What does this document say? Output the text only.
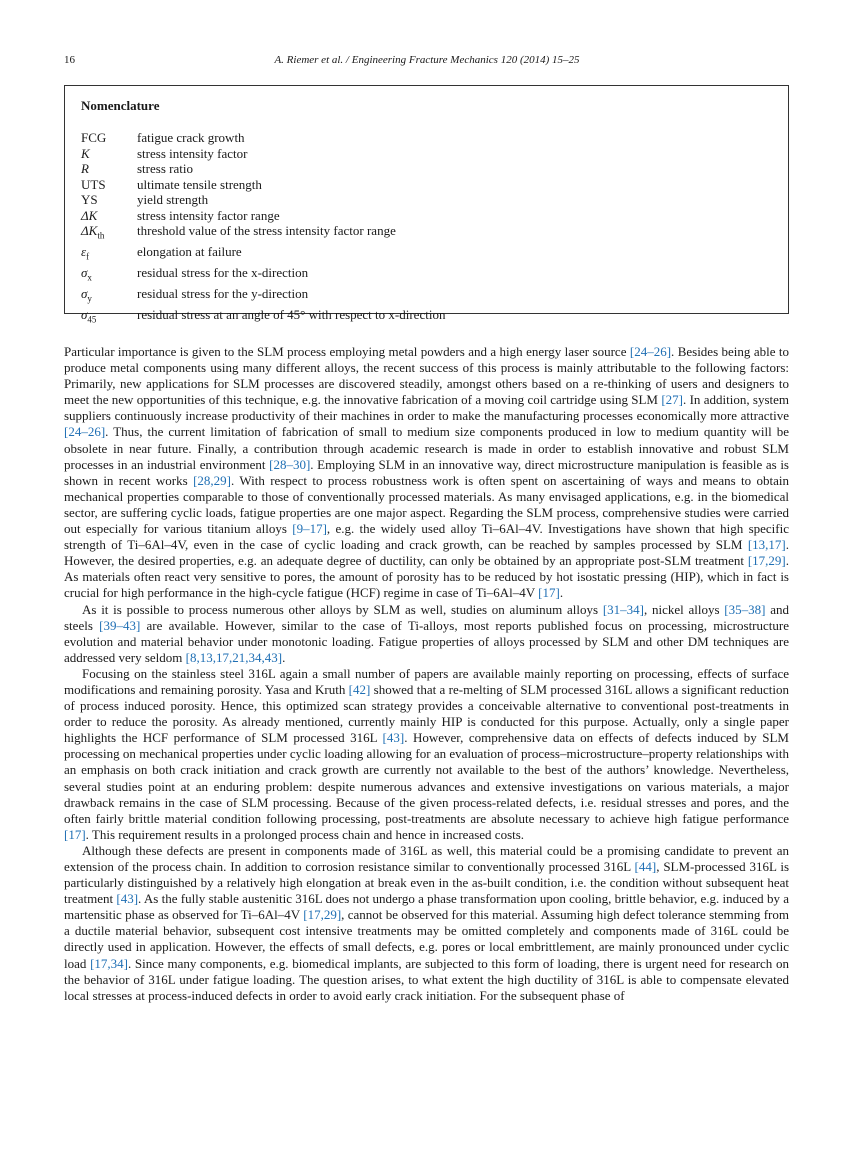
16	A. Riemer et al. / Engineering Fracture Mechanics 120 (2014) 15–25
Nomenclature
FCG	fatigue crack growth
K	stress intensity factor
R	stress ratio
UTS	ultimate tensile strength
YS	yield strength
ΔK	stress intensity factor range
$\Delta K_{th}$	threshold value of the stress intensity factor range
$\varepsilon_f$	elongation at failure
$\sigma_x$	residual stress for the x-direction
$\sigma_y$	residual stress for the y-direction
$\sigma_{45}$	residual stress at an angle of 45° with respect to x-direction

Particular importance is given to the SLM process employing metal powders and a high energy laser source [24–26]. Besides being able to produce metal components using many different alloys, the recent success of this process is mainly attributable to the following factors: Primarily, new applications for SLM processes are discovered steadily, amongst others based on a re-thinking of users and designers to meet the new opportunities of this technique, e.g. the innovative fabrication of a moving coil cartridge using SLM [27]. In addition, system suppliers continuously increase productivity of their machines in order to make the manufacturing processes economically more attractive [24–26]. Thus, the current limitation of fabrication of small to medium size components produced in low to medium quantity will be obsolete in near future. Finally, a contribution through academic research is made in order to establish innovative and robust SLM processes in an industrial environment [28–30]. Employing SLM in an innovative way, direct microstructure manipulation is feasible as is shown in recent works [28,29]. With respect to process robustness work is often spent on ascertaining of ways and means to obtain mechanical properties comparable to those of conventionally processed materials. As many envisaged applications, e.g. in the biomedical sector, are suffering cyclic loads, fatigue properties are one major aspect. Regarding the SLM process, comprehensive studies were carried out especially for various titanium alloys [9–17], e.g. the widely used alloy Ti–6Al–4V. Investigations have shown that high specific strength of Ti–6Al–4V, even in the case of cyclic loading and crack growth, can be reached by samples processed by SLM [13,17]. However, the desired properties, e.g. an adequate degree of ductility, can only be obtained by an appropriate post-SLM treatment [17,29]. As materials often react very sensitive to pores, the amount of porosity has to be reduced by hot isostatic pressing (HIP), which in fact is crucial for high performance in the high-cycle fatigue (HCF) regime in case of Ti–6Al–4V [17].

As it is possible to process numerous other alloys by SLM as well, studies on aluminum alloys [31–34], nickel alloys [35–38] and steels [39–43] are available. However, similar to the case of Ti-alloys, most reports published focus on processing, microstructure evolution and material behavior under monotonic loading. Fatigue properties of alloys processed by SLM and other DM techniques are addressed very seldom [8,13,17,21,34,43].

Focusing on the stainless steel 316L again a small number of papers are available mainly reporting on processing, effects of surface modifications and remaining porosity. Yasa and Kruth [42] showed that a re-melting of SLM processed 316L allows a significant reduction of process induced porosity. Hence, this optimized scan strategy provides a conceivable alternative to conventional post-treatments in order to reduce the porosity. As already mentioned, currently mainly HIP is conducted for this purpose. Actually, only a single paper highlights the HCF performance of SLM processed 316L [43]. However, comprehensive data on effects of defects induced by SLM processing on mechanical properties under cyclic loading allowing for an evaluation of process–microstructure–property relationships with an emphasis on both crack initiation and crack growth are currently not available to the best of the authors’ knowledge. Nevertheless, several studies point at an enduring problem: despite numerous advances and extensive investigations on various materials, a major drawback remains in the case of SLM processing. Because of the given process-related defects, i.e. residual stresses and pores, and the often fairly brittle material condition following processing, post-treatments are absolute necessary to achieve high fatigue performance [17]. This requirement results in a prolonged process chain and hence in increased costs.

Although these defects are present in components made of 316L as well, this material could be a promising candidate to prevent an extension of the process chain. In addition to corrosion resistance similar to conventionally processed 316L [44], SLM-processed 316L is particularly distinguished by a relatively high elongation at break even in the as-built condition, i.e. the condition without subsequent heat treatment [43]. As the fully stable austenitic 316L does not undergo a phase transformation upon cooling, brittle behavior, e.g. induced by a martensitic phase as observed for Ti–6Al–4V [17,29], cannot be observed for this material. Assuming high defect tolerance stemming from a ductile material behavior, subsequent cost intensive treatments may be omitted completely and components made of 316L could be directly used in application. However, the effects of small defects, e.g. pores or local embrittlement, are mainly pronounced under cyclic load [17,34]. Since many components, e.g. biomedical implants, are subjected to this form of loading, there is urgent need for research on the behavior of 316L under fatigue loading. The question arises, to what extent the high ductility of 316L is able to compensate elevated local stresses at process-induced defects in order to avoid early crack initiation. For the subsequent phase of
